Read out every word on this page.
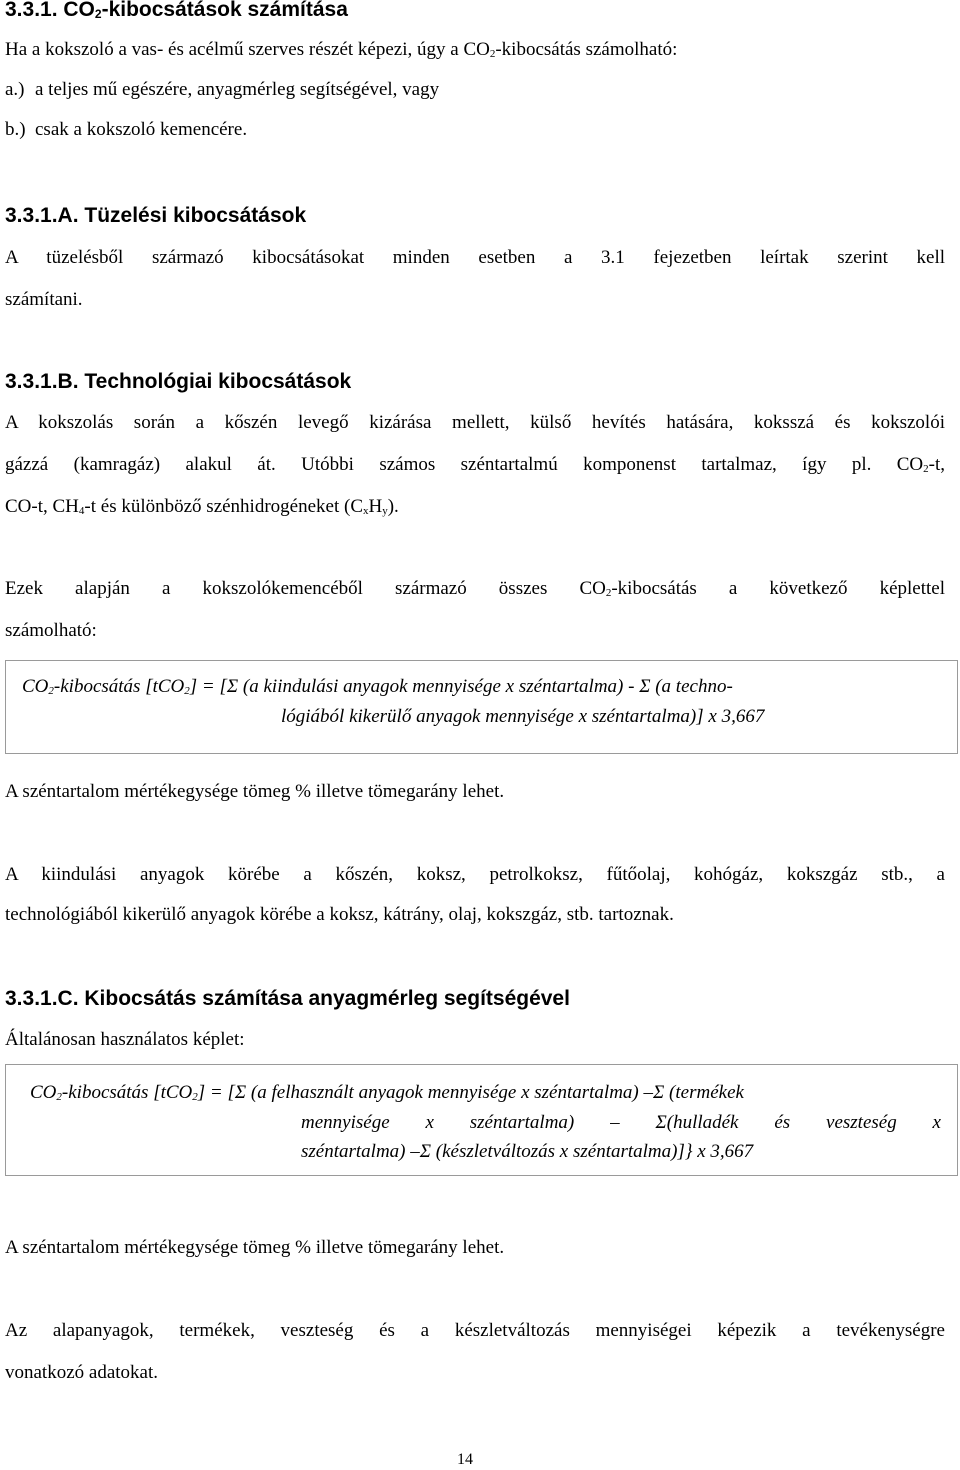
3.3.1. $CO_2$-kibocsátások számítása
Ha a kokszoló a vas- és acélmű szerves részét képezi, úgy a $CO_2$-kibocsátás számolható:
a.) a teljes mű egészére, anyagmérleg segítségével, vagy
b.) csak a kokszoló kemencére.
3.3.1.A. Tüzelési kibocsátások
A tüzelésből származó kibocsátásokat minden esetben a 3.1 fejezetben leírtak szerint kell
számítani.
3.3.1.B. Technológiai kibocsátások
A kokszolás során a kőszén levegő kizárása mellett, külső hevítés hatására, koksszá és kokszolói
gázzá (kamragáz) alakul át. Utóbbi számos széntartalmú komponenst tartalmaz, így pl. $CO_2-t$,
CO-t, $CH_4-t$ és különböző szénhidrogéneket $(C_xH_y)$.
Ezek alapján a kokszolókemencéből származó összes $CO_2$-kibocsátás a következő képlettel
számolható:
$CO_2$-kibocsátás [tCO$_2$] = [Σ (a kiindulási anyagok mennyisége x széntartalma) - Σ (a techno-
lógiából kikerülő anyagok mennyisége x széntartalma)] x 3,667
A széntartalom mértékegysége tömeg % illetve tömegarány lehet.
A kiindulási anyagok körébe a kőszén, koksz, petrolkoksz, fűtőolaj, kohógáz, kokszgáz stb., a
technológiából kikerülő anyagok körébe a koksz, kátrány, olaj, kokszgáz, stb. tartoznak.
3.3.1.C. Kibocsátás számítása anyagmérleg segítségével
Általánosan használatos képlet:
$CO_2$-kibocsátás [tCO$_2$] = [Σ (a felhasznált anyagok mennyisége x széntartalma) –Σ (termékek
mennyisége x széntartalma) – Σ(hulladék és veszteség x
széntartalma) –Σ (készletváltozás x széntartalma)]} x 3,667
A széntartalom mértékegysége tömeg % illetve tömegarány lehet.
Az alapanyagok, termékek, veszteség és a készletváltozás mennyiségei képezik a tevékenységre
vonatkozó adatokat.
14
